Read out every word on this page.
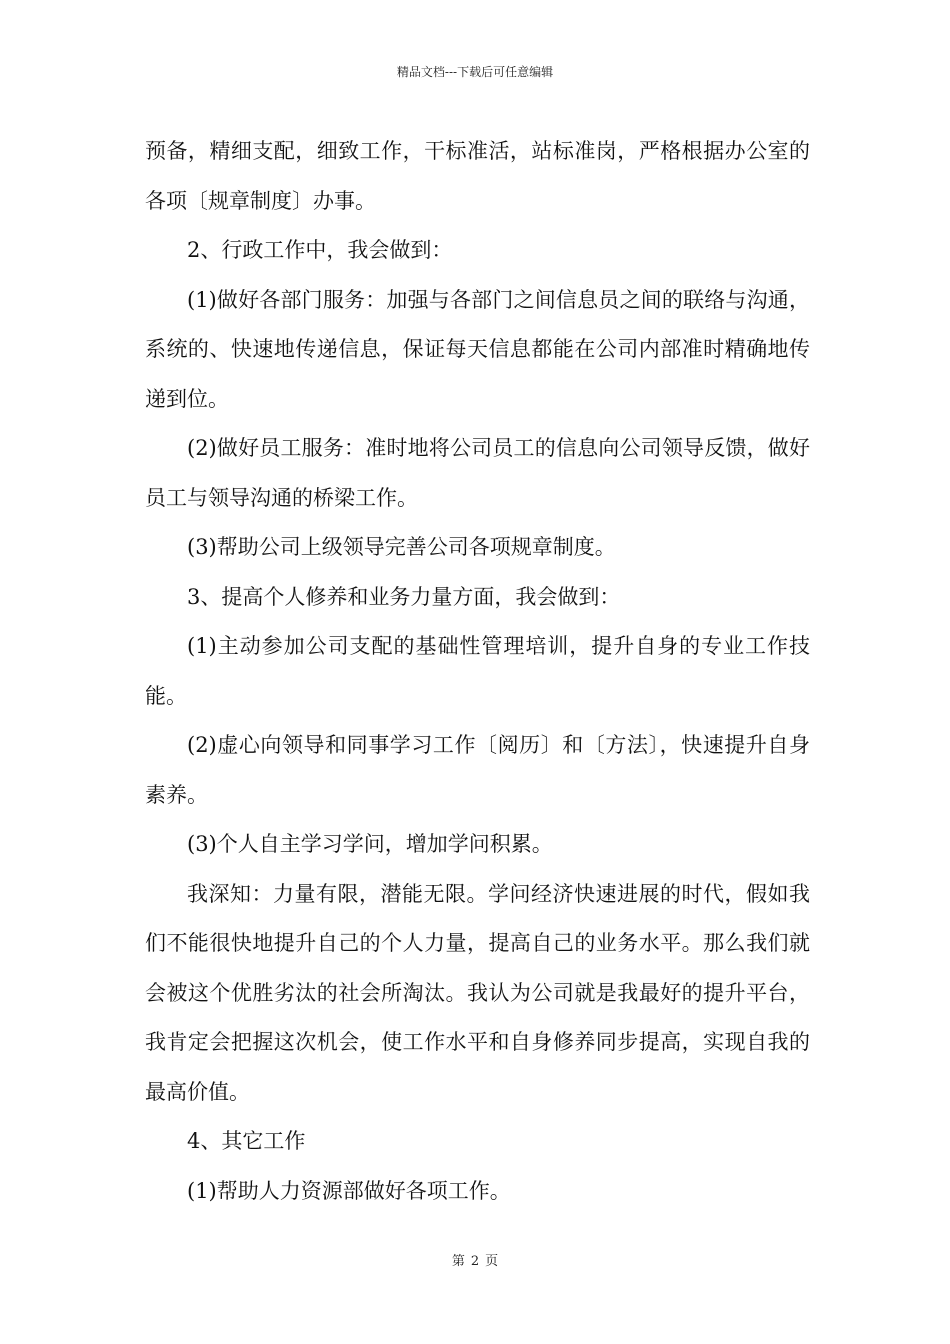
精品文档---下载后可任意编辑

预备，精细支配，细致工作，干标准活，站标准岗，严格根据办公室的各项〔规章制度〕办事。

2、行政工作中，我会做到：

(1)做好各部门服务：加强与各部门之间信息员之间的联络与沟通，系统的、快速地传递信息，保证每天信息都能在公司内部准时精确地传递到位。

(2)做好员工服务：准时地将公司员工的信息向公司领导反馈，做好员工与领导沟通的桥梁工作。

(3)帮助公司上级领导完善公司各项规章制度。

3、提高个人修养和业务力量方面，我会做到：

(1)主动参加公司支配的基础性管理培训，提升自身的专业工作技能。

(2)虚心向领导和同事学习工作〔阅历〕和〔方法〕，快速提升自身素养。

(3)个人自主学习学问，增加学问积累。

我深知：力量有限，潜能无限。学问经济快速进展的时代，假如我们不能很快地提升自己的个人力量，提高自己的业务水平。那么我们就会被这个优胜劣汰的社会所淘汰。我认为公司就是我最好的提升平台，我肯定会把握这次机会，使工作水平和自身修养同步提高，实现自我的最高价值。

4、其它工作

(1)帮助人力资源部做好各项工作。

第 2 页
